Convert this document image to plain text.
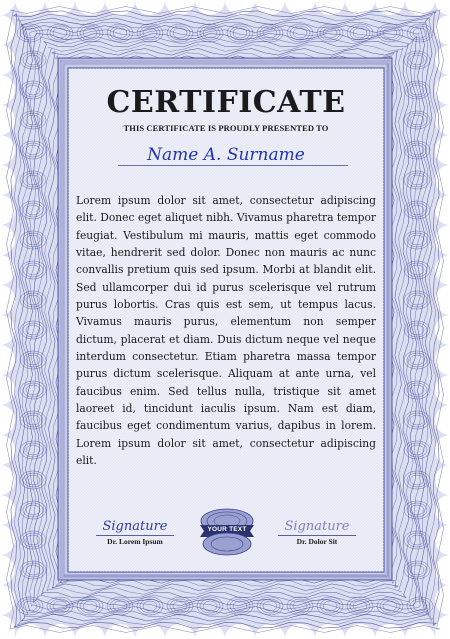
CERTIFICATE
THIS CERTIFICATE IS PROUDLY PRESENTED TO
Name A. Surname

Lorem ipsum dolor sit amet, consectetur adipiscing elit. Donec eget aliquet nibh. Vivamus pharetra tempor feugiat. Vestibulum mi mauris, mattis eget commodo vitae, hendrerit sed dolor. Donec non mauris ac nunc convallis pretium quis sed ipsum. Morbi at blandit elit. Sed ullamcorper dui id purus scelerisque vel rutrum purus lobortis. Cras quis est sem, ut tempus lacus. Vivamus mauris purus, elementum non semper dictum, placerat et diam. Duis dictum neque vel neque interdum consectetur. Etiam pharetra massa tempor purus dictum scelerisque. Aliquam at ante urna, vel faucibus enim. Sed tellus nulla, tristique sit amet laoreet id, tincidunt iaculis ipsum. Nam est diam, faucibus eget condimentum varius, dapibus in lorem. Lorem ipsum dolor sit amet, consectetur adipiscing elit.

Signature
Dr. Lorem Ipsum
YOUR TEXT	Signature
Dr. Dolor Sit
